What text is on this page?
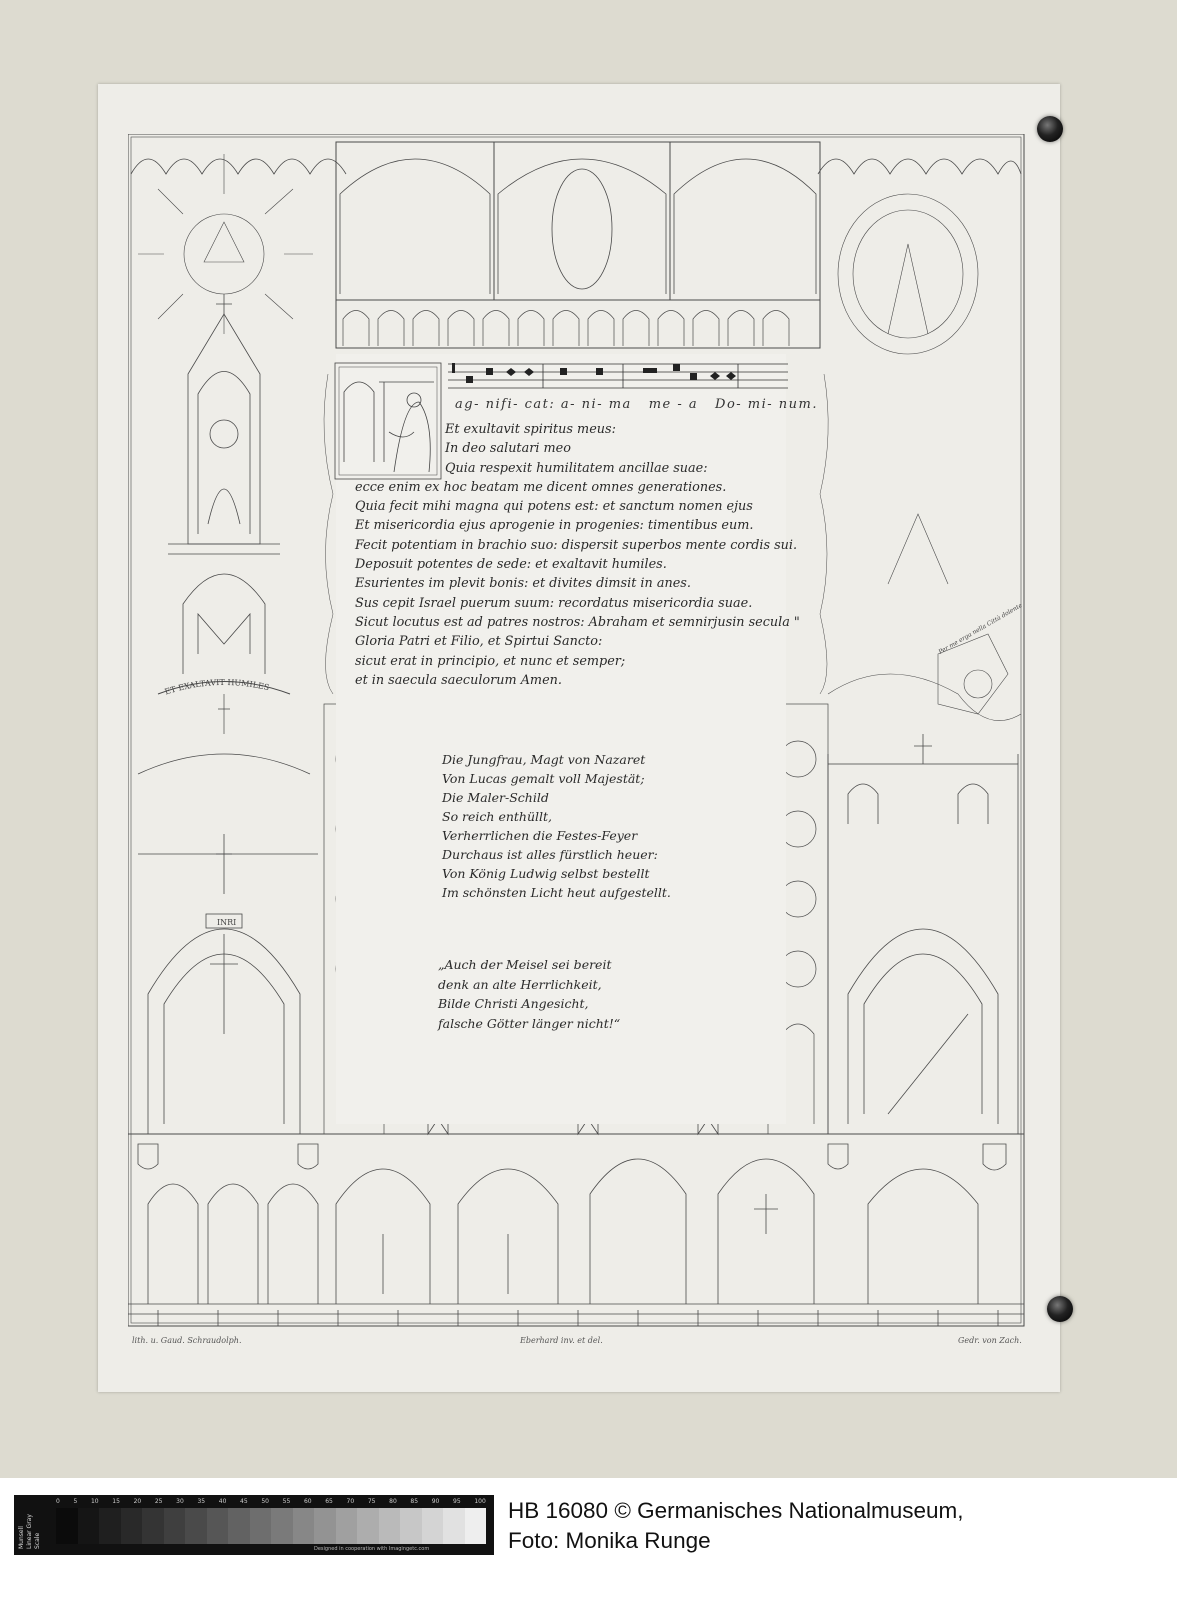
ET EXALTAVIT HUMILES
INRI
Per me erga nella Città dolente
ag- nifi- cat: a- ni- ma   me - a   Do- mi- num.
Et exultavit spiritus meus:
In deo salutari meo
Quia respexit humilitatem ancillae suae:
ecce enim ex hoc beatam me dicent omnes generationes.
Quia fecit mihi magna qui potens est: et sanctum nomen ejus
Et misericordia ejus aprogenie in progenies: timentibus eum.
Fecit potentiam in brachio suo: dispersit superbos mente cordis sui.
Deposuit potentes de sede: et exaltavit humiles.
Esurientes im plevit bonis: et divites dimsit in anes.
Sus cepit Israel puerum suum: recordatus misericordia suae.
Sicut locutus est ad patres nostros: Abraham et semnirjusin secula "
Gloria Patri et Filio, et Spirtui Sancto:
sicut erat in principio, et nunc et semper;
et in saecula saeculorum Amen.
Die Jungfrau, Magt von Nazaret
Von Lucas gemalt voll Majestät;
Die Maler-Schild
So reich enthüllt,
Verherrlichen die Festes-Feyer
Durchaus ist alles fürstlich heuer:
Von König Ludwig selbst bestellt
Im schönsten Licht heut aufgestellt.
„Auch der Meisel sei bereit
denk an alte Herrlichkeit,
Bilde Christi Angesicht,
falsche Götter länger nicht!“
lith. u. Gaud. Schraudolph.	Eberhard inv. et del.	Gedr. von Zach.
Munsell Linear Gray Scale
0 5 10 15 20 25 30 35 40 45 50 55 60 65 70 75 80 85 90 95 100
Designed in cooperation with Imagingetc.com
HB 16080 © Germanisches Nationalmuseum,
Foto: Monika Runge
